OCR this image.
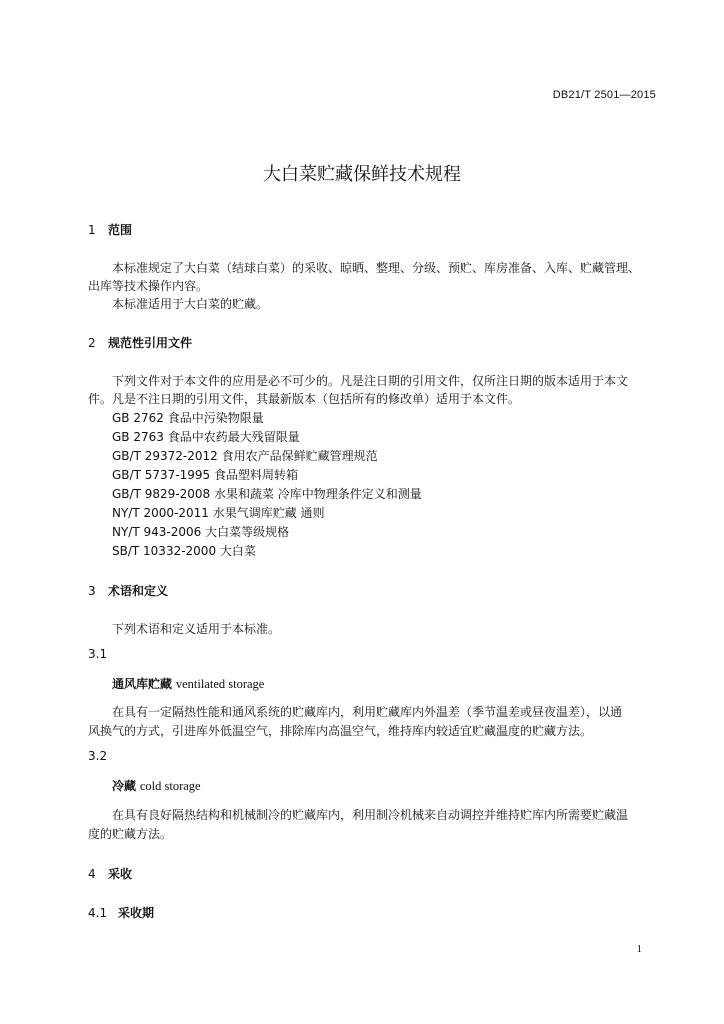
DB21/T 2501—2015
大白菜贮藏保鲜技术规程
1 范围
本标准规定了大白菜（结球白菜）的采收、晾晒、整理、分级、预贮、库房准备、入库、贮藏管理、
出库等技术操作内容。
本标准适用于大白菜的贮藏。
2 规范性引用文件
下列文件对于本文件的应用是必不可少的。凡是注日期的引用文件，仅所注日期的版本适用于本文
件。凡是不注日期的引用文件，其最新版本（包括所有的修改单）适用于本文件。
GB 2762 食品中污染物限量
GB 2763 食品中农药最大残留限量
GB/T 29372-2012 食用农产品保鲜贮藏管理规范
GB/T 5737-1995 食品塑料周转箱
GB/T 9829-2008 水果和蔬菜 冷库中物理条件定义和测量
NY/T 2000-2011 水果气调库贮藏 通则
NY/T 943-2006 大白菜等级规格
SB/T 10332-2000 大白菜
3 术语和定义
下列术语和定义适用于本标准。
3.1
通风库贮藏 ventilated storage
在具有一定隔热性能和通风系统的贮藏库内，利用贮藏库内外温差（季节温差或昼夜温差），以通
风换气的方式，引进库外低温空气，排除库内高温空气，维持库内较适宜贮藏温度的贮藏方法。
3.2
冷藏 cold storage
在具有良好隔热结构和机械制冷的贮藏库内，利用制冷机械来自动调控并维持贮库内所需要贮藏温
度的贮藏方法。
4 采收
4.1 采收期
1
